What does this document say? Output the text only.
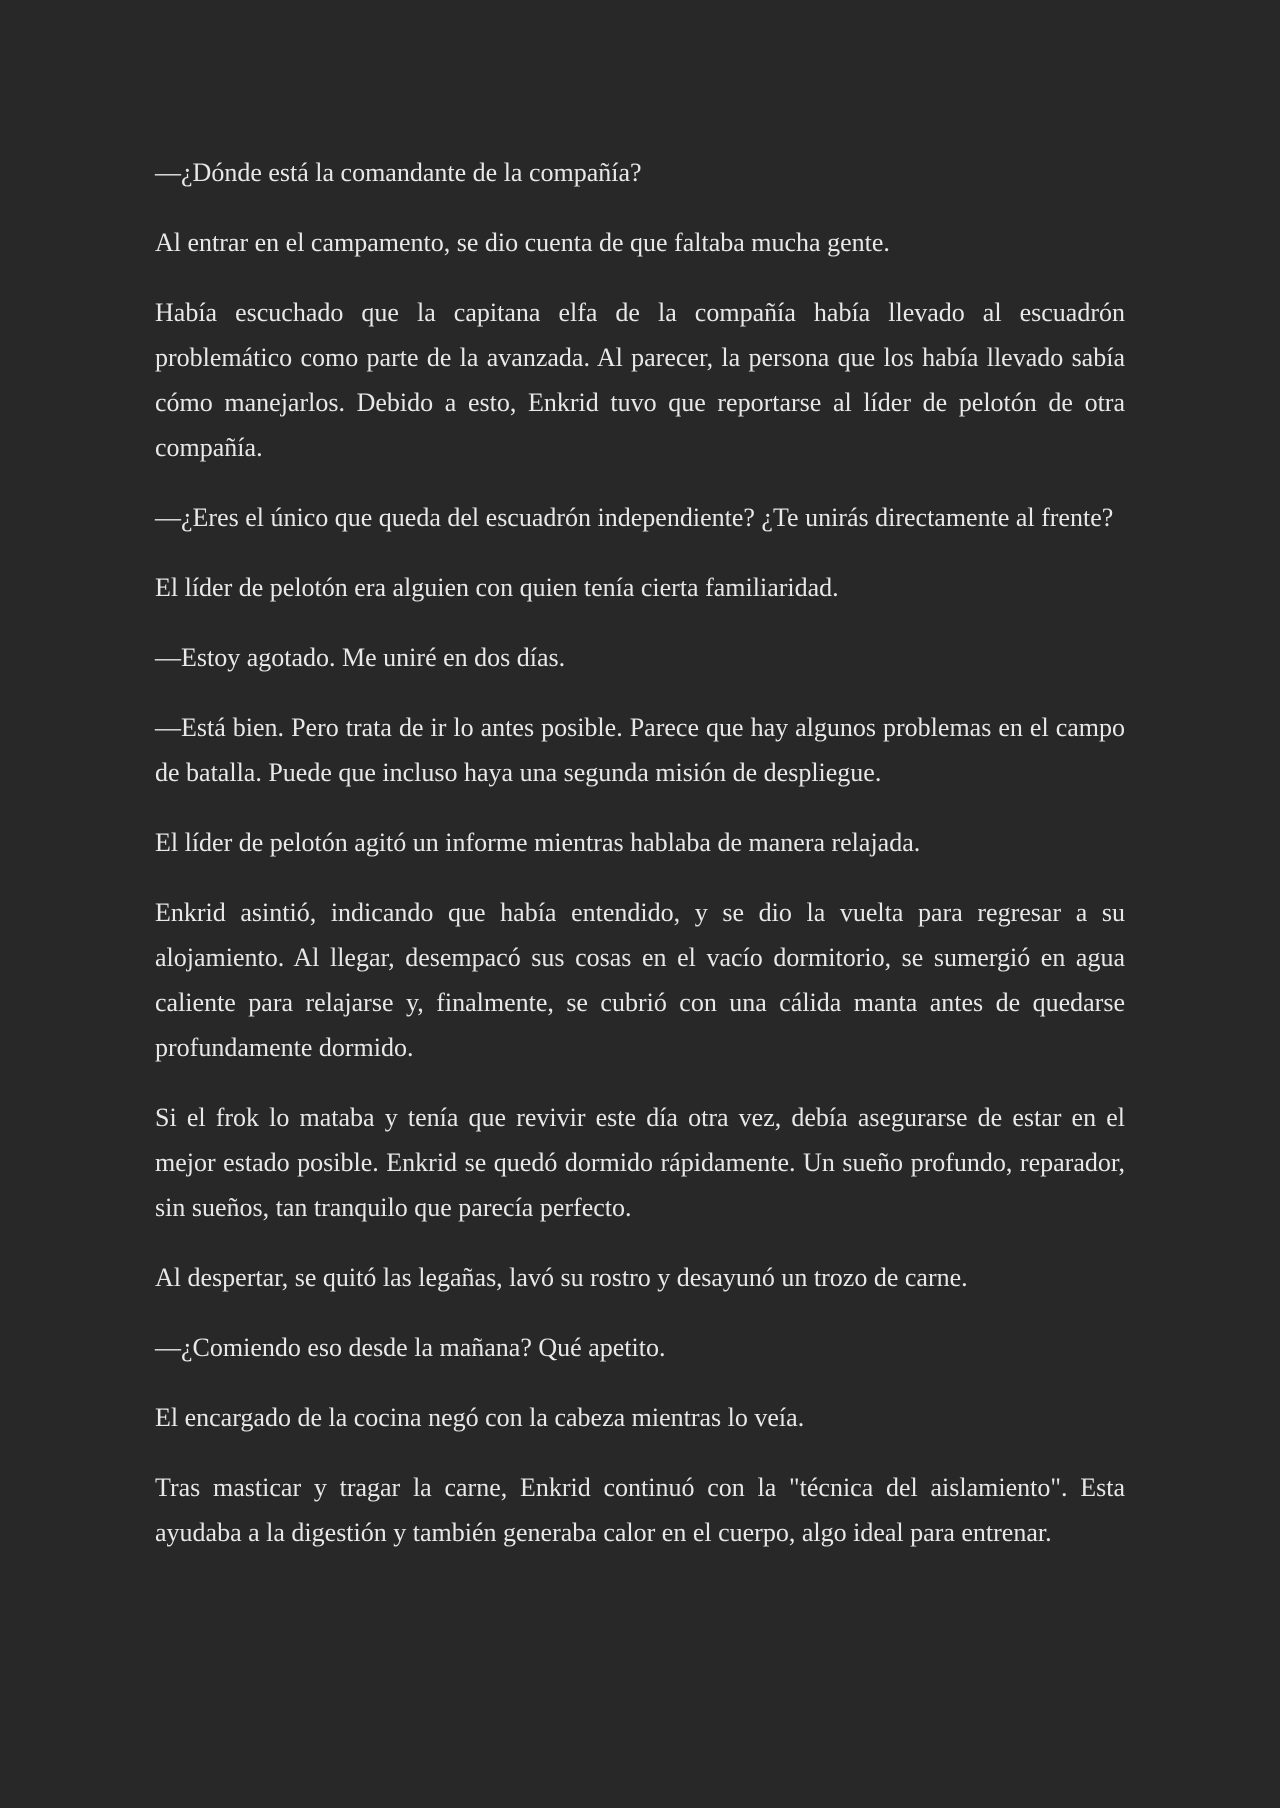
—¿Dónde está la comandante de la compañía?

Al entrar en el campamento, se dio cuenta de que faltaba mucha gente.

Había escuchado que la capitana elfa de la compañía había llevado al escuadrón problemático como parte de la avanzada. Al parecer, la persona que los había llevado sabía cómo manejarlos. Debido a esto, Enkrid tuvo que reportarse al líder de pelotón de otra compañía.

—¿Eres el único que queda del escuadrón independiente? ¿Te unirás directamente al frente?

El líder de pelotón era alguien con quien tenía cierta familiaridad.

—Estoy agotado. Me uniré en dos días.

—Está bien. Pero trata de ir lo antes posible. Parece que hay algunos problemas en el campo de batalla. Puede que incluso haya una segunda misión de despliegue.

El líder de pelotón agitó un informe mientras hablaba de manera relajada.

Enkrid asintió, indicando que había entendido, y se dio la vuelta para regresar a su alojamiento. Al llegar, desempacó sus cosas en el vacío dormitorio, se sumergió en agua caliente para relajarse y, finalmente, se cubrió con una cálida manta antes de quedarse profundamente dormido.

Si el frok lo mataba y tenía que revivir este día otra vez, debía asegurarse de estar en el mejor estado posible. Enkrid se quedó dormido rápidamente. Un sueño profundo, reparador, sin sueños, tan tranquilo que parecía perfecto.

Al despertar, se quitó las legañas, lavó su rostro y desayunó un trozo de carne.

—¿Comiendo eso desde la mañana? Qué apetito.

El encargado de la cocina negó con la cabeza mientras lo veía.

Tras masticar y tragar la carne, Enkrid continuó con la "técnica del aislamiento". Esta ayudaba a la digestión y también generaba calor en el cuerpo, algo ideal para entrenar.
